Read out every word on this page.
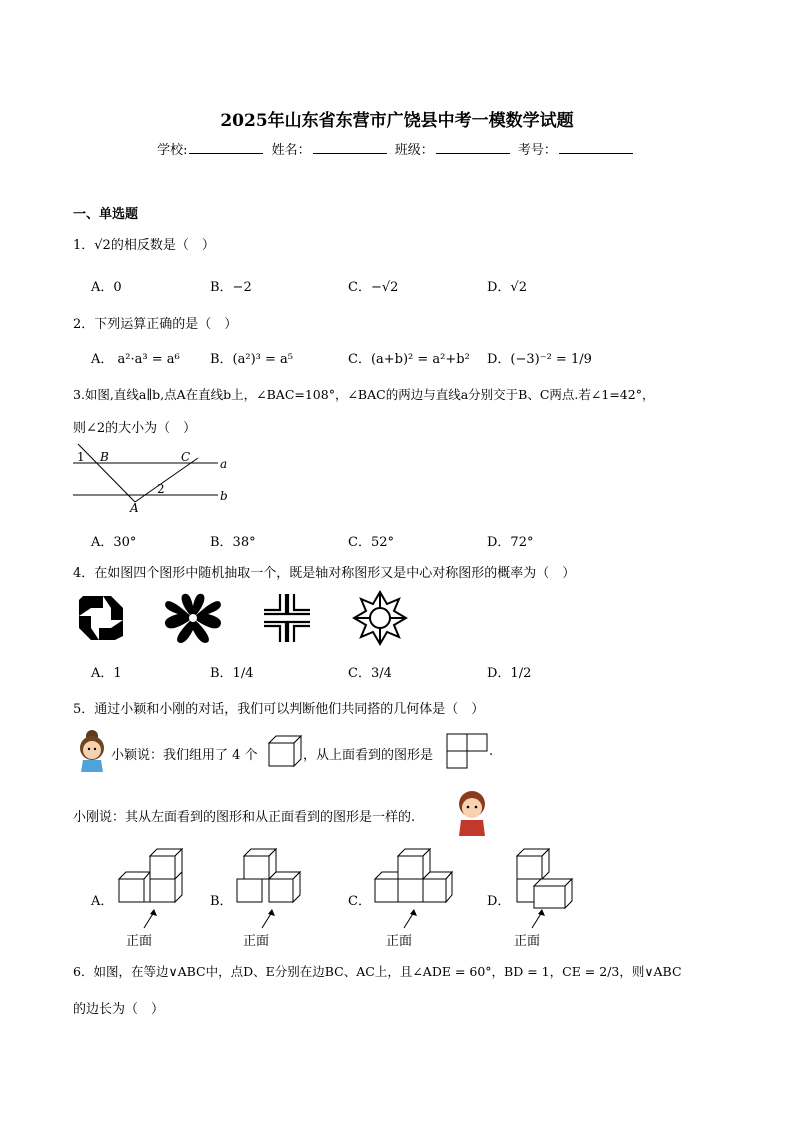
2025年山东省东营市广饶县中考一模数学试题
学校:	姓名：	班级：	考号：
一、单选题
1．√2的相反数是（　）
A．0	B．−2	C．−√2	D．√2
2．下列运算正确的是（　）
A． a²·a³ = a⁶ B．(a²)³ = a⁵	C．(a+b)² = a²+b² D．(−3)⁻² = 1/9
3.如图,直线a∥b,点A在直线b上，∠BAC=108°，∠BAC的两边与直线a分别交于B、C两点.若∠1=42°，
则∠2的大小为（　）
1 B	C a
2	b
A
A．30°	B．38°	C．52°	D．72°
4．在如图四个图形中随机抽取一个，既是轴对称图形又是中心对称图形的概率为（　）
A．1	B．1/4	C．3/4	D．1/2
5．通过小颖和小刚的对话，我们可以判断他们共同搭的几何体是（　）
小颖说：我们组用了 4 个	，从上面看到的图形是	.
小刚说：其从左面看到的图形和从正面看到的图形是一样的.
A．	B．	C．	D．
正面	正面	正面	正面
6．如图，在等边∨ABC中，点D、E分别在边BC、AC上，且∠ADE = 60°，BD = 1，CE = 2/3，则∨ABC
的边长为（　）
